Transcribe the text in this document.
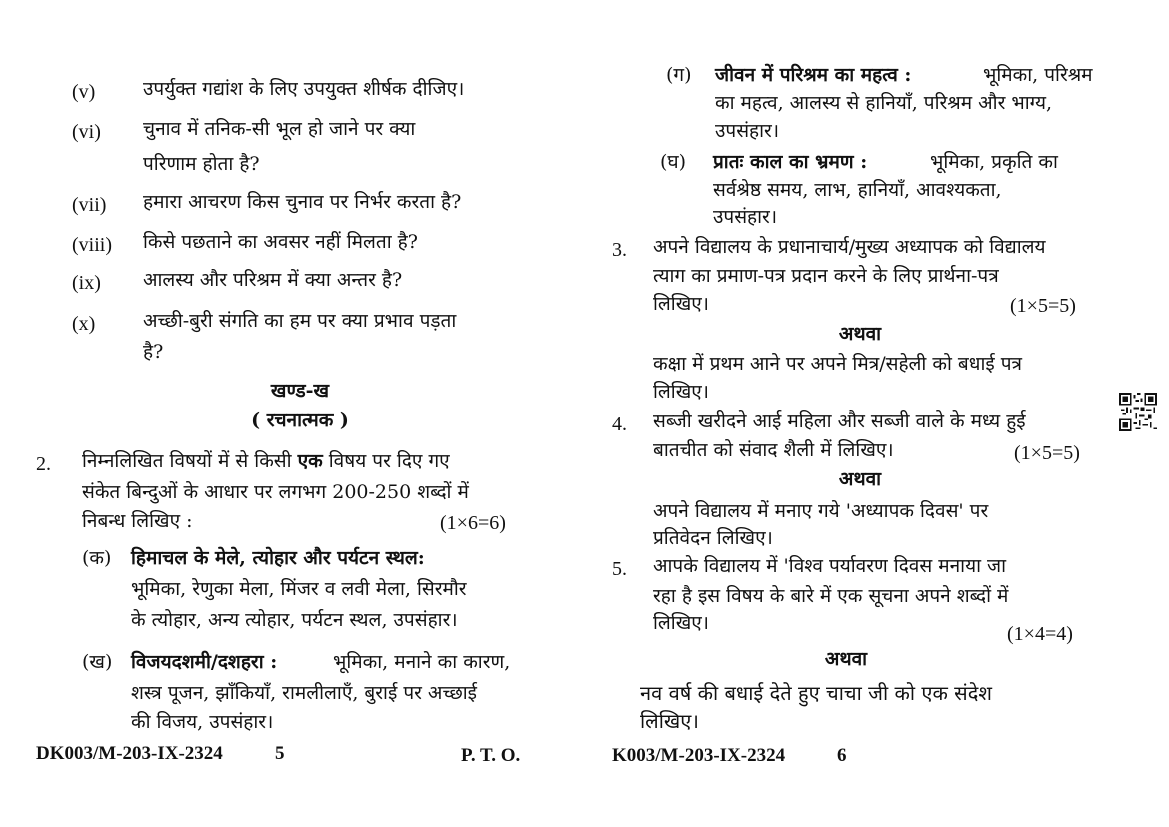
(v)	उपर्युक्त गद्यांश के लिए उपयुक्त शीर्षक दीजिए।
(vi) चुनाव में तनिक-सी भूल हो जाने पर क्या
परिणाम होता है?
(vii) हमारा आचरण किस चुनाव पर निर्भर करता है?
(viii) किसे पछताने का अवसर नहीं मिलता है?
(ix) आलस्य और परिश्रम में क्या अन्तर है?
(x)	अच्छी-बुरी संगति का हम पर क्या प्रभाव पड़ता
है?
खण्ड-ख
( रचनात्मक )
2. निम्नलिखित विषयों में से किसी एक विषय पर दिए गए
संकेत बिन्दुओं के आधार पर लगभग 200-250 शब्दों में
निबन्ध लिखिए :	(1×6=6)
(क) हिमाचल के मेले, त्योहार और पर्यटन स्थल:
भूमिका, रेणुका मेला, मिंजर व लवी मेला, सिरमौर
के त्योहार, अन्य त्योहार, पर्यटन स्थल, उपसंहार।
(ख) विजयदशमी/दशहरा :	भूमिका, मनाने का कारण,
शस्त्र पूजन, झाँकियाँ, रामलीलाएँ, बुराई पर अच्छाई
की विजय, उपसंहार।
DK003/M-203-IX-2324	5	P. T. O.
(ग) जीवन में परिश्रम का महत्व :	भूमिका, परिश्रम
का महत्व, आलस्य से हानियाँ, परिश्रम और भाग्य,
उपसंहार।
(घ) प्रातः काल का भ्रमण :	भूमिका, प्रकृति का
सर्वश्रेष्ठ समय, लाभ, हानियाँ, आवश्यकता,
उपसंहार।
3. अपने विद्यालय के प्रधानाचार्य/मुख्य अध्यापक को विद्यालय
त्याग का प्रमाण-पत्र प्रदान करने के लिए प्रार्थना-पत्र
लिखिए।	(1×5=5)
अथवा
कक्षा में प्रथम आने पर अपने मित्र/सहेली को बधाई पत्र
लिखिए।
4. सब्जी खरीदने आई महिला और सब्जी वाले के मध्य हुई
बातचीत को संवाद शैली में लिखिए।	(1×5=5)
अथवा
अपने विद्यालय में मनाए गये 'अध्यापक दिवस' पर
प्रतिवेदन लिखिए।
5. आपके विद्यालय में 'विश्व पर्यावरण दिवस मनाया जा
रहा है इस विषय के बारे में एक सूचना अपने शब्दों में
लिखिए।	(1×4=4)
अथवा
नव वर्ष की बधाई देते हुए चाचा जी को एक संदेश
लिखिए।
K003/M-203-IX-2324	6
